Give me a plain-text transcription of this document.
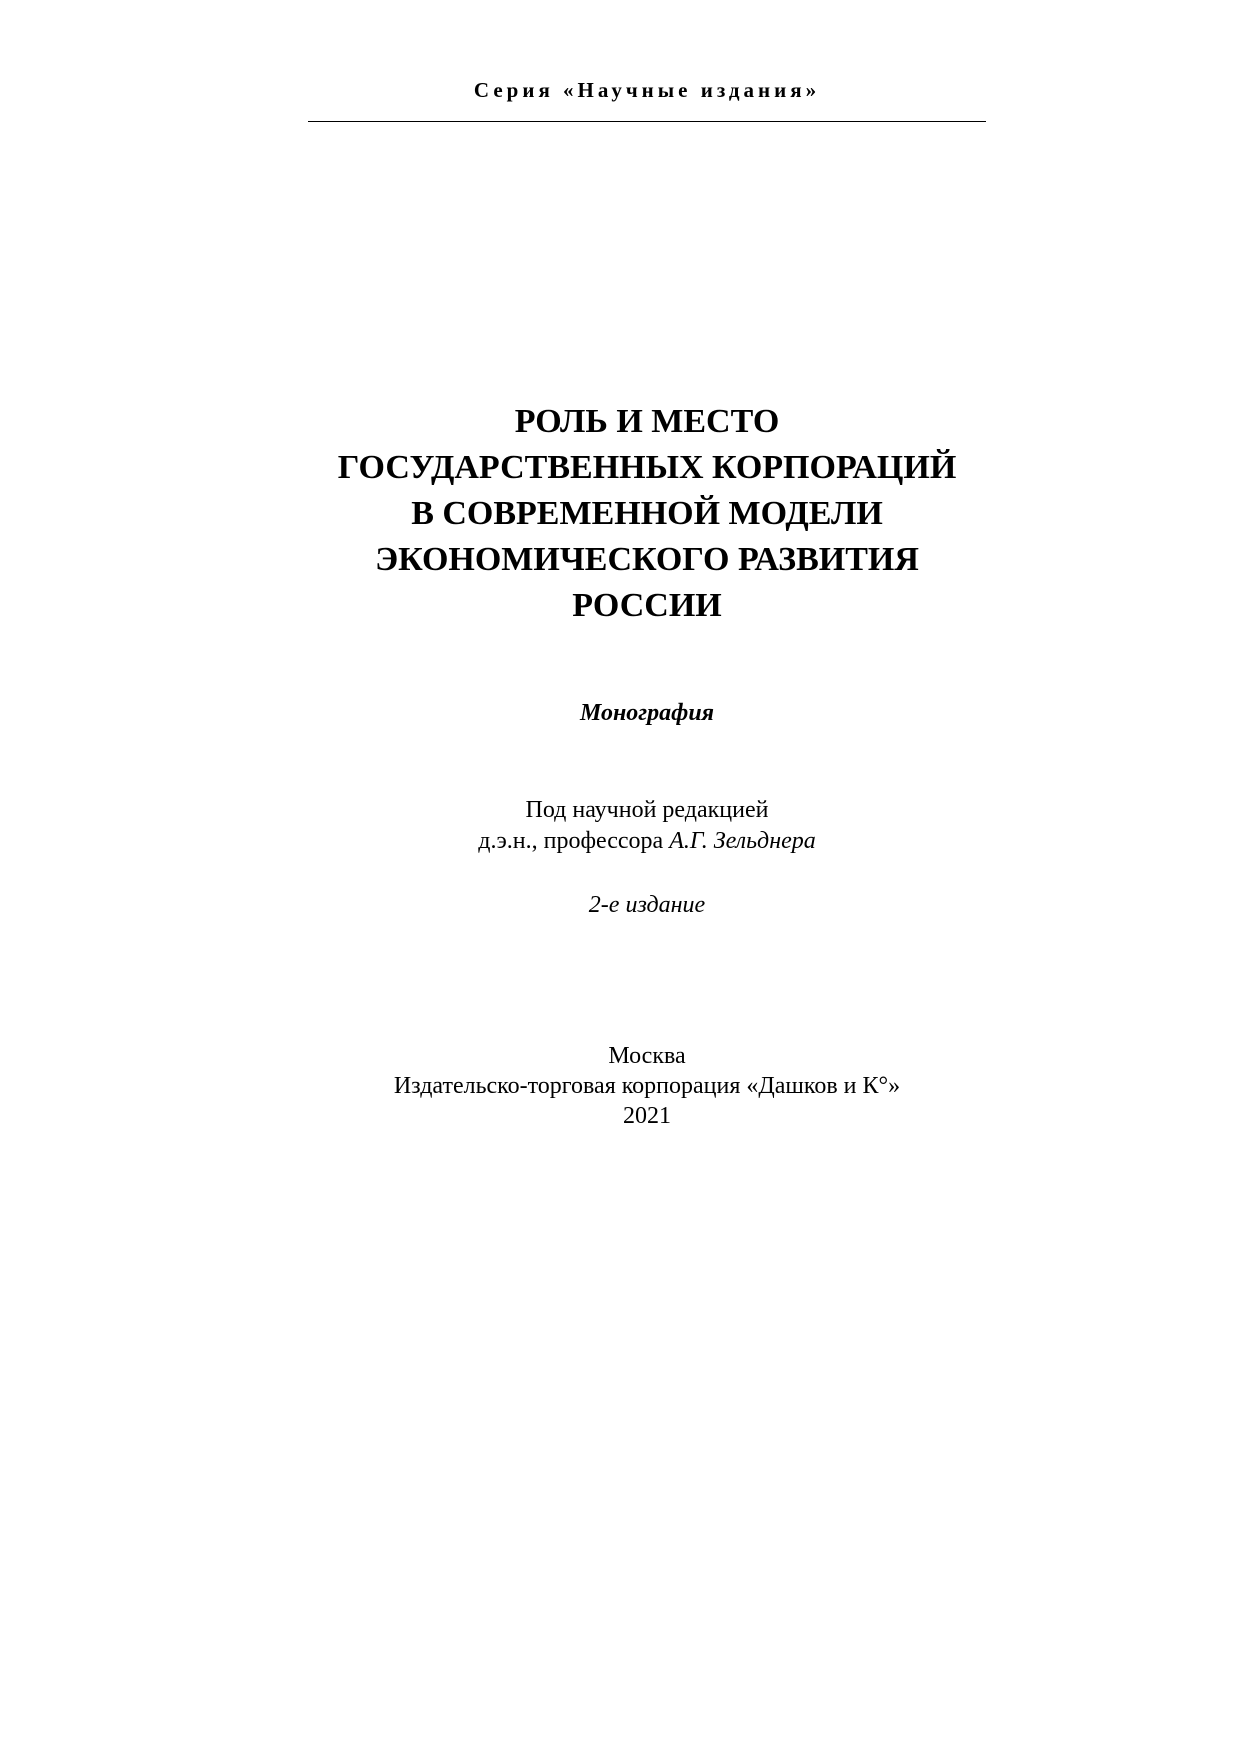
Серия «Научные издания»
РОЛЬ И МЕСТО
ГОСУДАРСТВЕННЫХ КОРПОРАЦИЙ
В СОВРЕМЕННОЙ МОДЕЛИ
ЭКОНОМИЧЕСКОГО РАЗВИТИЯ
РОССИИ
Монография
Под научной редакцией
д.э.н., профессора А.Г. Зельднера
2-е издание
Москва
Издательско-торговая корпорация «Дашков и К°»
2021
